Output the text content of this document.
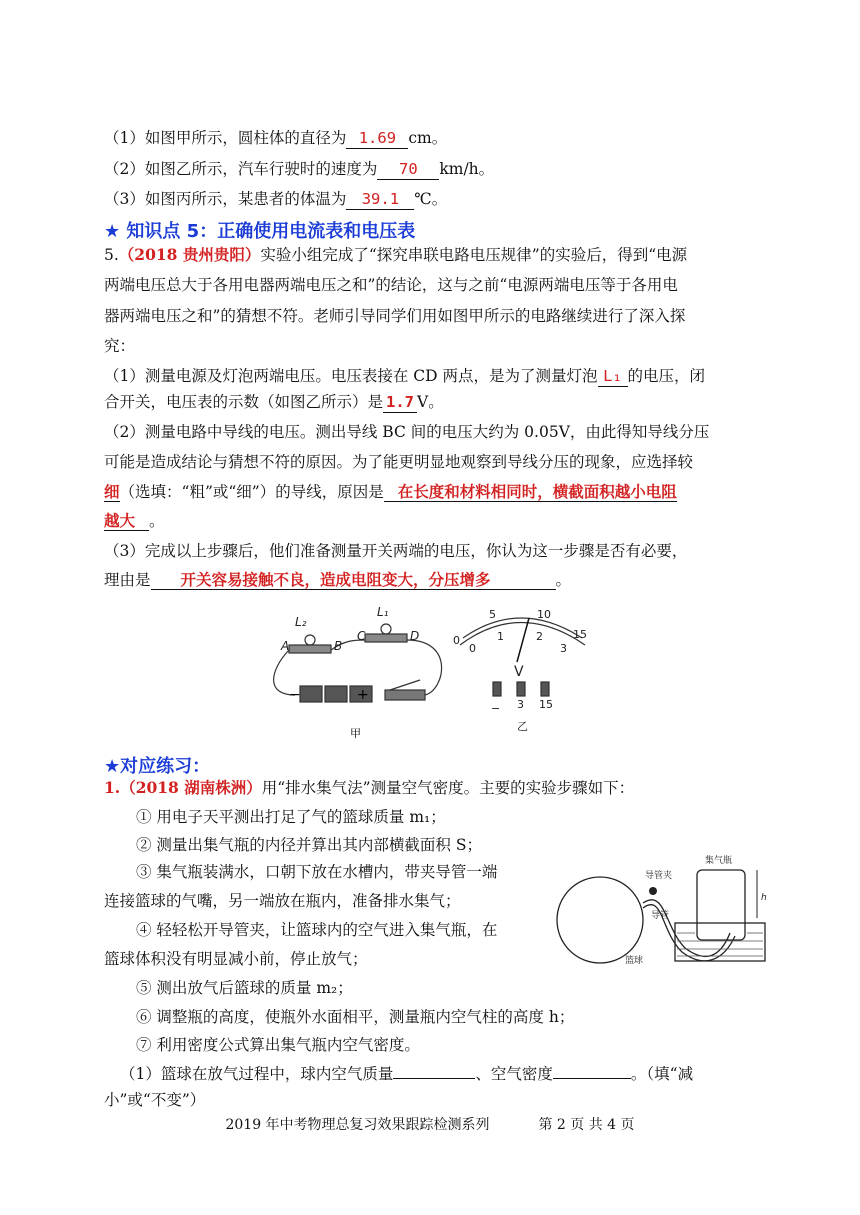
（1）如图甲所示，圆柱体的直径为 1.69 cm。
（2）如图乙所示，汽车行驶时的速度为 70 km/h。
（3）如图丙所示，某患者的体温为 39.1 ℃。
★ 知识点 5：正确使用电流表和电压表
5.（2018 贵州贵阳）实验小组完成了“探究串联电路电压规律”的实验后，得到“电源
两端电压总大于各用电器两端电压之和”的结论，这与之前“电源两端电压等于各用电
器两端电压之和”的猜想不符。老师引导同学们用如图甲所示的电路继续进行了深入探
究：
（1）测量电源及灯泡两端电压。电压表接在 CD 两点，是为了测量灯泡 L₁ 的电压，闭
合开关，电压表的示数（如图乙所示）是 1.7 V。
（2）测量电路中导线的电压。测出导线 BC 间的电压大约为 0.05V，由此得知导线分压
可能是造成结论与猜想不符的原因。为了能更明显地观察到导线分压的现象，应选择较
细（选填：“粗”或“细”）的导线，原因是 在长度和材料相同时，横截面积越小电阻
越大 。
（3）完成以上步骤后，他们准备测量开关两端的电压，你认为这一步骤是否有必要，
理由是 开关容易接触不良，造成电阻变大，分压增多	。
L₂
L₁
A	B
C	D
−	+
甲
0
5	10
15
0
1	2
3
V
− 3 15
乙
★对应练习：
1.（2018 湖南株洲）用“排水集气法”测量空气密度。主要的实验步骤如下：
① 用电子天平测出打足了气的篮球质量 m₁；
② 测量出集气瓶的内径并算出其内部横截面积 S；
③ 集气瓶装满水，口朝下放在水槽内，带夹导管一端
连接篮球的气嘴，另一端放在瓶内，准备排水集气；
④ 轻轻松开导管夹，让篮球内的空气进入集气瓶，在
篮球体积没有明显减小前，停止放气；
⑤ 测出放气后篮球的质量 m₂；
⑥ 调整瓶的高度，使瓶外水面相平，测量瓶内空气柱的高度 h；
⑦ 利用密度公式算出集气瓶内空气密度。
（1）篮球在放气过程中，球内空气质量	、空气密度	。（填“减
小”或“不变”）
导管夹
集气瓶
导管
篮球
h
2019 年中考物理总复习效果跟踪检测系列	第 2 页 共 4 页
